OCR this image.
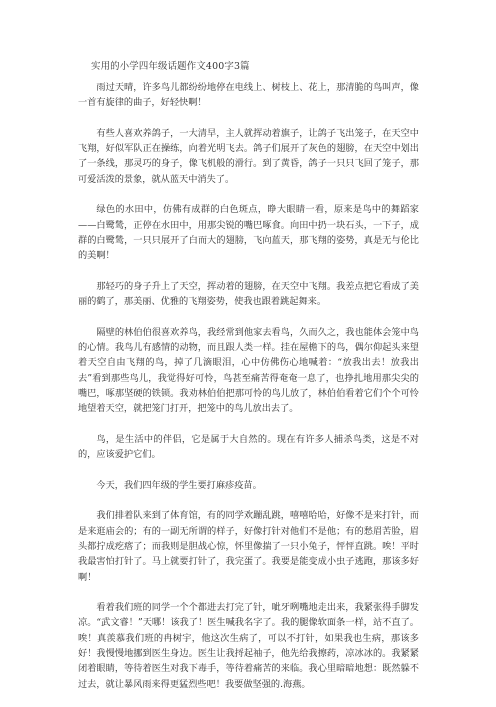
实用的小学四年级话题作文400字3篇

雨过天晴，许多鸟儿都纷纷地停在电线上、树枝上、花上，那清脆的鸟叫声，像一首有旋律的曲子，好轻快啊！

有些人喜欢养鸽子，一大清早，主人就挥动着旗子，让鸽子飞出笼子，在天空中飞翔，好似军队正在操练，向着光明飞去。鸽子们展开了灰色的翅膀，在天空中划出了一条线，那灵巧的身子，像飞机般的滑行。到了黄昏，鸽子一只只飞回了笼子，那可爱活泼的景象，就从蓝天中消失了。

绿色的水田中，仿佛有成群的白色斑点，睁大眼睛一看，原来是鸟中的舞蹈家——白鹭鸶，正停在水田中，用那尖锐的嘴巴啄食。向田中扔一块石头，一下子，成群的白鹭鸶，一只只展开了白而大的翅膀，飞向蓝天，那飞翔的姿势，真是无与伦比的美啊！

那轻巧的身子升上了天空，挥动着的翅膀，在天空中飞翔。我差点把它看成了美丽的鹤了，那美丽、优雅的飞翔姿势，使我也跟着跳起舞来。

隔壁的林伯伯很喜欢养鸟，我经常到他家去看鸟，久而久之，我也能体会笼中鸟的心情。我鸟儿有感情的动物，而且跟人类一样。挂在屋檐下的鸟，偶尔仰起头来望着天空自由飞翔的鸟，掉了几滴眼泪，心中仿佛伤心地喊着：“放我出去！放我出去”看到那些鸟儿，我觉得好可怜，鸟甚至痛苦得奄奄一息了，也挣扎地用那尖尖的嘴巴，啄那坚硬的铁锁。我劝林伯伯把那可怜的鸟儿放了，林伯伯看着它们个个可怜地望着天空，就把笼门打开，把笼中的鸟儿放出去了。

鸟，是生活中的伴侣，它是属于大自然的。现在有许多人捕杀鸟类，这是不对的，应该爱护它们。

今天，我们四年级的学生要打麻疹疫苗。

我们排着队来到了体育馆，有的同学欢蹦乱跳，嘻嘻哈哈，好像不是来打针，而是来逛庙会的；有的一副无所谓的样子，好像打针对他们不是他；有的愁眉苦脸，眉头都拧成疙瘩了；而我则是胆战心惊，怀里像揣了一只小兔子，怦怦直跳。唉！平时我最害怕打针了。马上就要打针了，我完蛋了。我要是能变成小虫子逃跑，那该多好啊！

看着我们班的同学一个个都进去打完了针，呲牙咧嘴地走出来，我紧张得手脚发凉。“武文睿！”天哪！该我了！医生喊我名字了。我的腿像软面条一样，站不直了。唉！真羡慕我们班的冉树宇，他这次生病了，可以不打针，如果我也生病，那该多好！我慢慢地挪到医生身边。医生让我捋起袖子，他先给我擦药，凉冰冰的。我紧紧闭着眼睛，等待着医生对我下毒手，等待着痛苦的来临。我心里暗暗地想：既然躲不过去，就让暴风雨来得更猛烈些吧！我要做坚强的.海燕。
